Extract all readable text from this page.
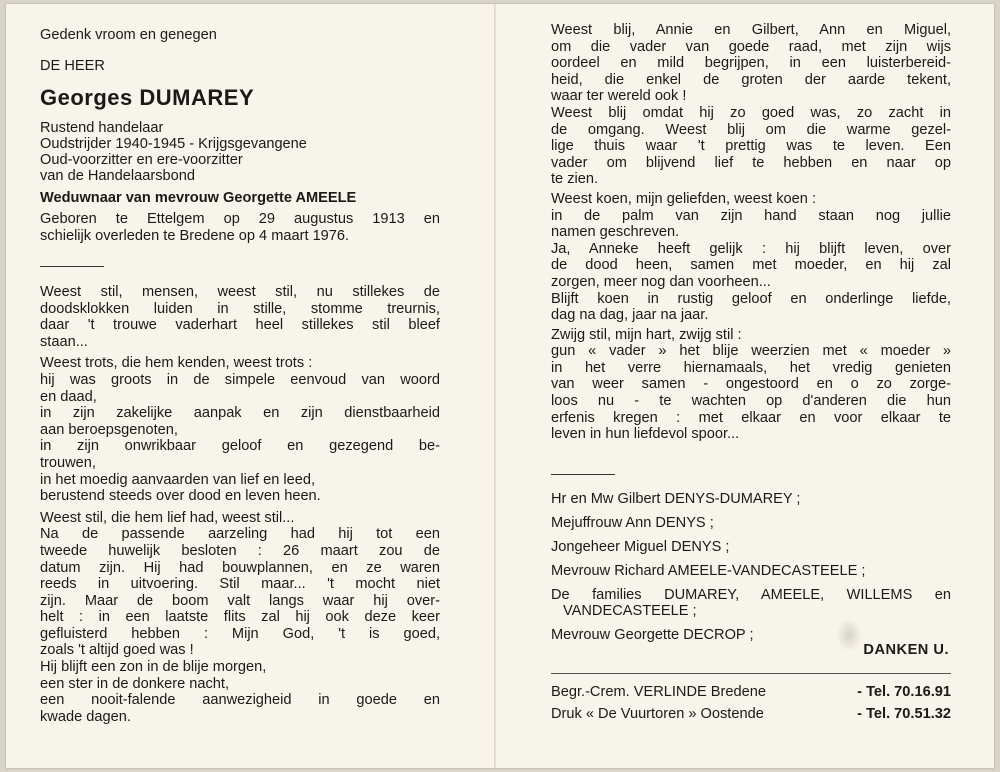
Gedenk vroom en genegen

DE HEER

Georges DUMAREY

Rustend handelaar

Oudstrijder 1940-1945 - Krijgsgevangene

Oud-voorzitter en ere-voorzitter

van de Handelaarsbond

Weduwnaar van mevrouw Georgette AMEELE

Geboren te Ettelgem op 29 augustus 1913 en

schielijk overleden te Bredene op 4 maart 1976.

Weest stil, mensen, weest stil, nu stillekes de

doodsklokken luiden in stille, stomme treurnis,

daar 't trouwe vaderhart heel stillekes stil bleef

staan...

Weest trots, die hem kenden, weest trots :

hij was groots in de simpele eenvoud van woord

en daad,

in zijn zakelijke aanpak en zijn dienstbaarheid

aan beroepsgenoten,

in zijn onwrikbaar geloof en gezegend be-

trouwen,

in het moedig aanvaarden van lief en leed,

berustend steeds over dood en leven heen.

Weest stil, die hem lief had, weest stil...

Na de passende aarzeling had hij tot een

tweede huwelijk besloten : 26 maart zou de

datum zijn. Hij had bouwplannen, en ze waren

reeds in uitvoering. Stil maar... 't mocht niet

zijn. Maar de boom valt langs waar hij over-

helt : in een laatste flits zal hij ook deze keer

gefluisterd hebben : Mijn God, 't is goed,

zoals 't altijd goed was !

Hij blijft een zon in de blije morgen,

een ster in de donkere nacht,

een nooit-falende aanwezigheid in goede en

kwade dagen.

Weest blij, Annie en Gilbert, Ann en Miguel,

om die vader van goede raad, met zijn wijs

oordeel en mild begrijpen, in een luisterbereid-

heid, die enkel de groten der aarde tekent,

waar ter wereld ook !

Weest blij omdat hij zo goed was, zo zacht in

de omgang. Weest blij om die warme gezel-

lige thuis waar 't prettig was te leven. Een

vader om blijvend lief te hebben en naar op

te zien.

Weest koen, mijn geliefden, weest koen :

in de palm van zijn hand staan nog jullie

namen geschreven.

Ja, Anneke heeft gelijk : hij blijft leven, over

de dood heen, samen met moeder, en hij zal

zorgen, meer nog dan voorheen...

Blijft koen in rustig geloof en onderlinge liefde,

dag na dag, jaar na jaar.

Zwijg stil, mijn hart, zwijg stil :

gun « vader » het blije weerzien met « moeder »

in het verre hiernamaals, het vredig genieten

van weer samen - ongestoord en o zo zorge-

loos nu - te wachten op d'anderen die hun

erfenis kregen : met elkaar en voor elkaar te

leven in hun liefdevol spoor...

Hr en Mw Gilbert DENYS-DUMAREY ;

Mejuffrouw Ann DENYS ;

Jongeheer Miguel DENYS ;

Mevrouw Richard AMEELE-VANDECASTEELE ;

De families DUMAREY, AMEELE, WILLEMS en

VANDECASTEELE ;

Mevrouw Georgette DECROP ;

DANKEN U.

Begr.-Crem. VERLINDE Bredene	- Tel. 70.16.91
Druk « De Vuurtoren » Oostende	- Tel. 70.51.32
